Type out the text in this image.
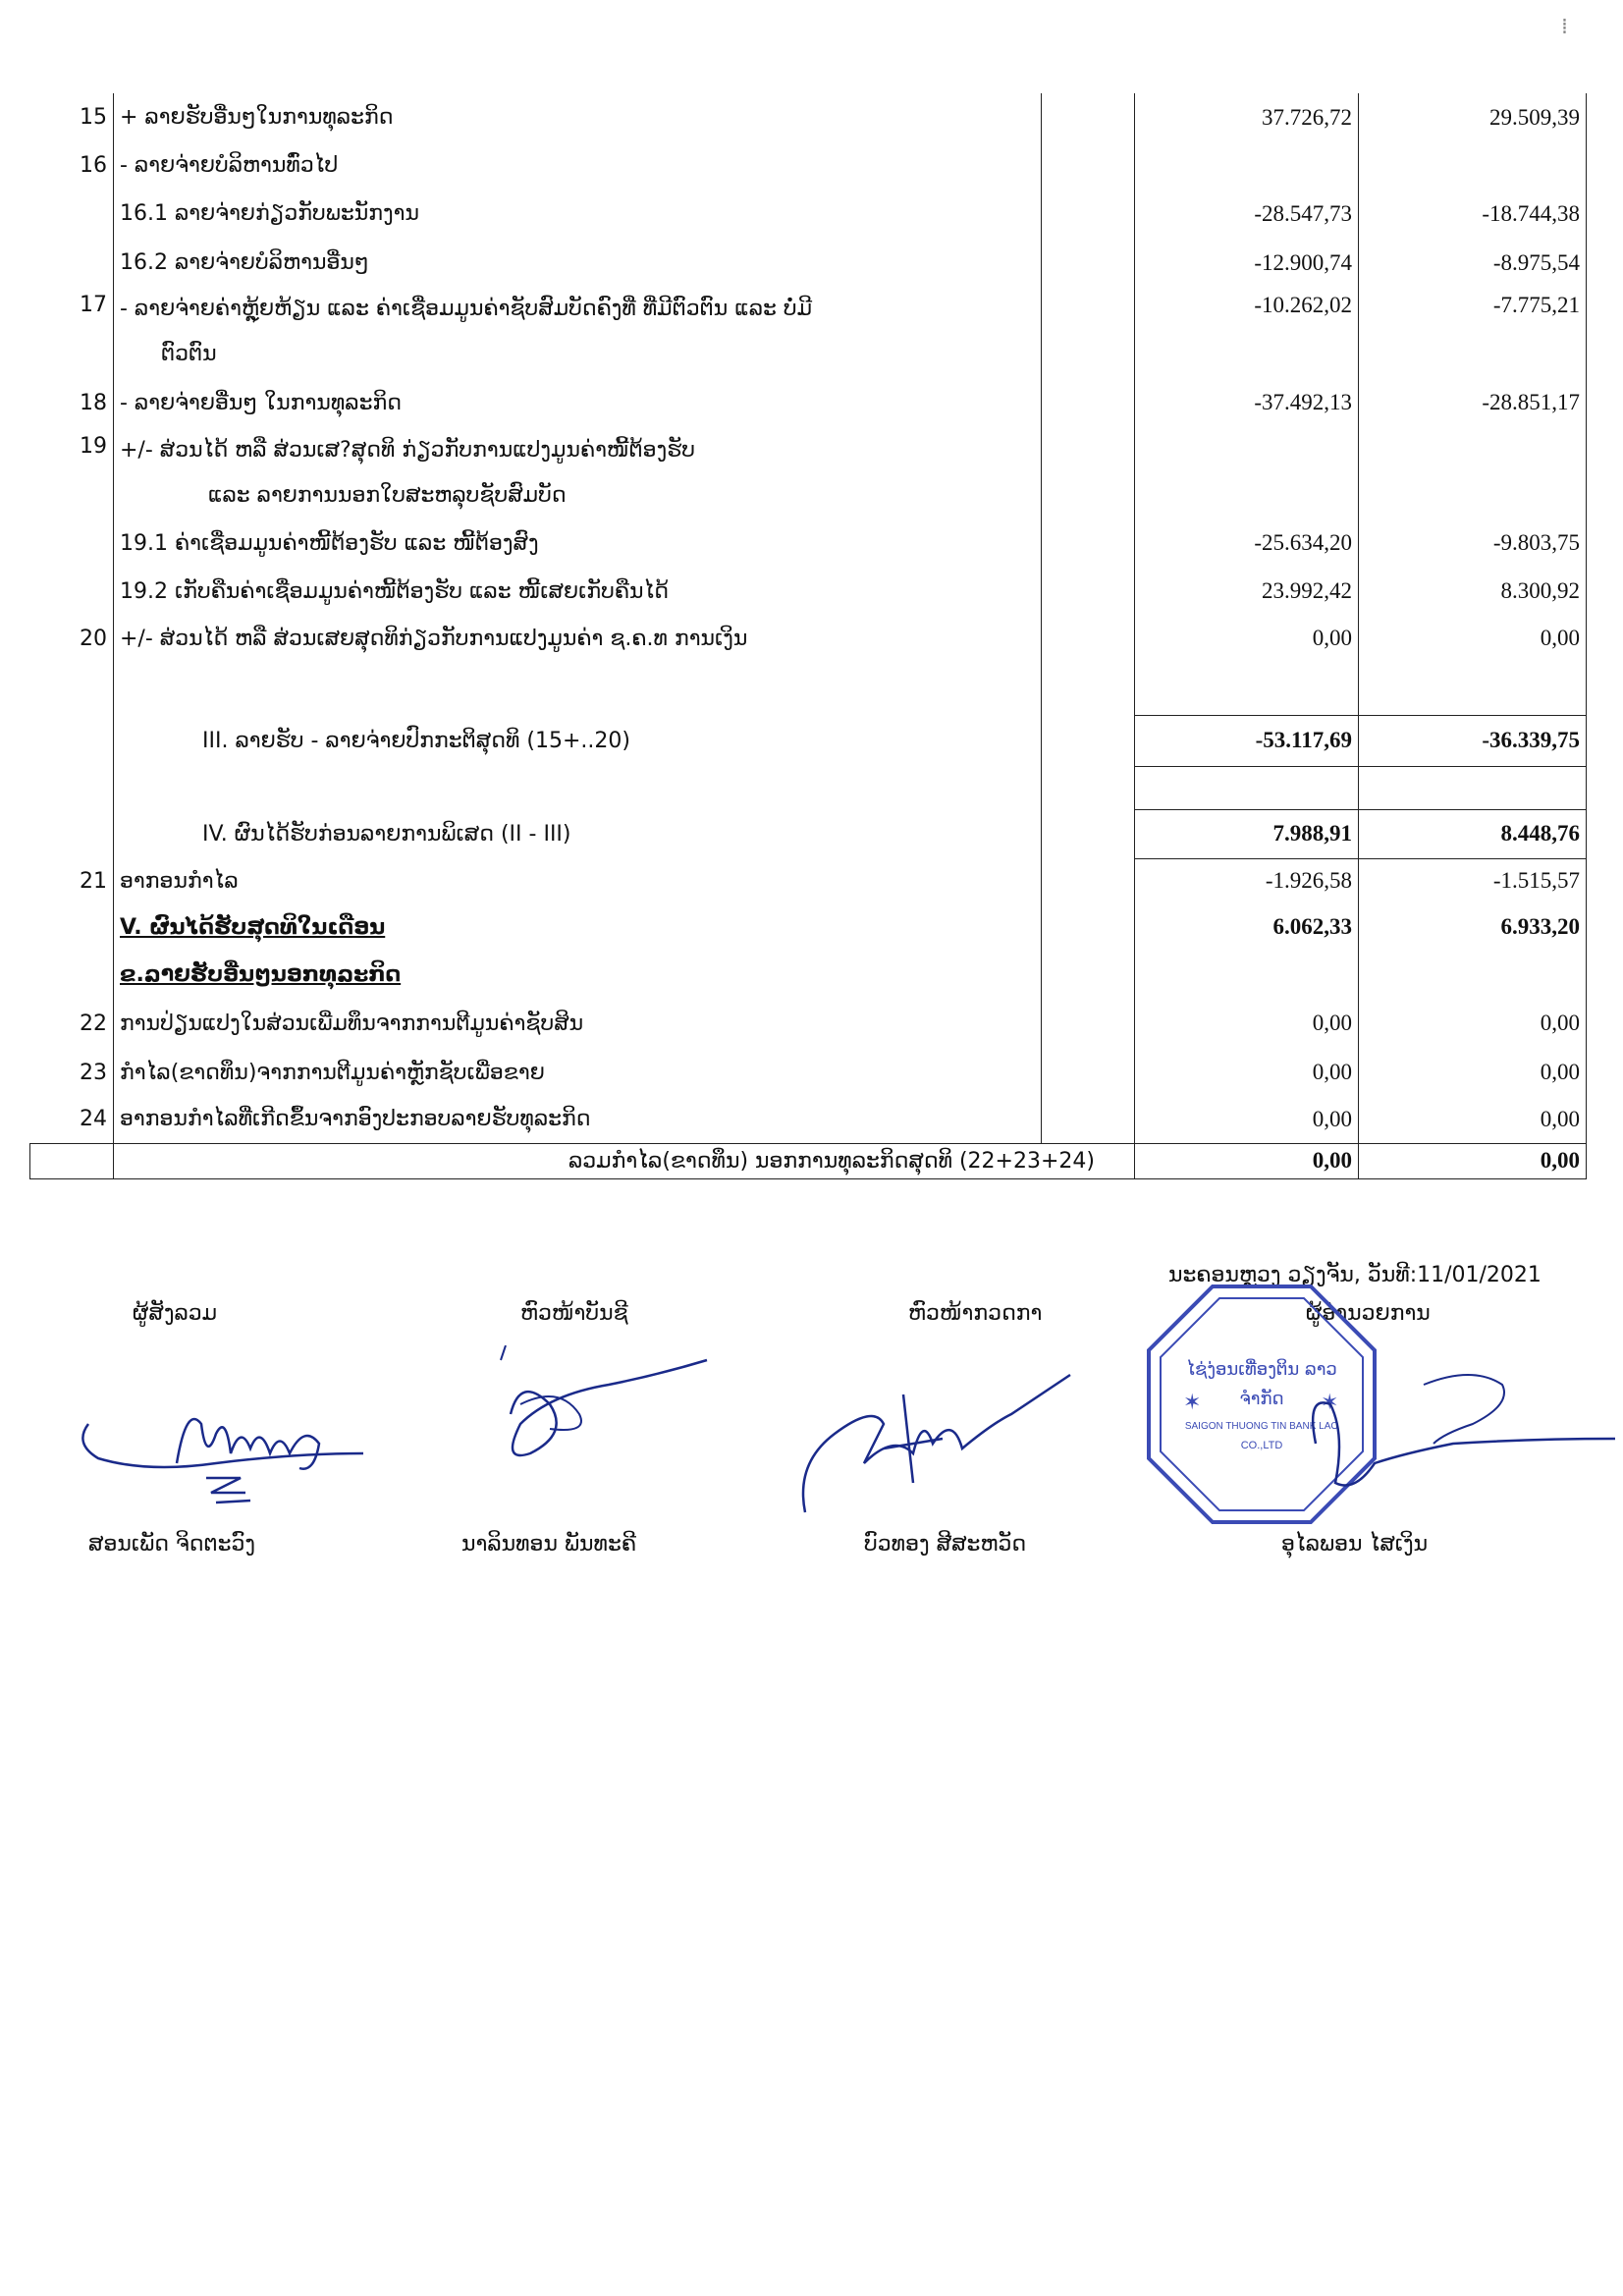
⁞
15	+ ລາຍຮັບອື່ນໆໃນການທຸລະກິດ		37.726,72	29.509,39
16	- ລາຍຈ່າຍບໍລິຫານທົ່ວໄປ			
	16.1 ລາຍຈ່າຍກ່ຽວກັບພະນັກງານ		-28.547,73	-18.744,38
	16.2 ລາຍຈ່າຍບໍລິຫານອື່ນໆ		-12.900,74	-8.975,54
17	- ລາຍຈ່າຍຄ່າຫຼຸ້ຍຫ້ຽນ ແລະ ຄ່າເຊື່ອມມູນຄ່າຊັບສົມບັດຄົງທີ່ ທີ່ມີຕົວຕົນ ແລະ ບໍ່ມີ
ຕົວຕົນ		-10.262,02	-7.775,21
18	- ລາຍຈ່າຍອື່ນໆ ໃນການທຸລະກິດ		-37.492,13	-28.851,17
19	+/- ສ່ວນໄດ້ ຫລື ສ່ວນເສ?ສຸດທິ ກ່ຽວກັບການແປງມູນຄ່າໜີ້ຕ້ອງຮັບ
ແລະ ລາຍການນອກໃບສະຫລຸບຊັບສົມບັດ			

	19.1 ຄ່າເຊື່ອມມູນຄ່າໜີ້ຕ້ອງຮັບ ແລະ ໜີ້ຕ້ອງສົງ		-25.634,20	-9.803,75
	19.2 ເກັບຄືນຄ່າເຊື່ອມມູນຄ່າໜີ້ຕ້ອງຮັບ ແລະ ໜີ້ເສຍເກັບຄືນໄດ້		23.992,42	8.300,92
20	+/- ສ່ວນໄດ້ ຫລື ສ່ວນເສຍສຸດທິກ່ຽວກັບການແປງມູນຄ່າ ຊ.ຄ.ທ ການເງິນ		0,00	0,00

	III. ລາຍຮັບ - ລາຍຈ່າຍປົກກະຕິສຸດທິ (15+..20)		-53.117,69	-36.339,75

	IV. ຜົນໄດ້ຮັບກ່ອນລາຍການພິເສດ (II - III)		7.988,91	8.448,76
21	ອາກອນກຳໄລ		-1.926,58	-1.515,57
	V. ຜົນໄດ້ຮັບສຸດທິໃນເດືອນ		6.062,33	6.933,20
	ຂ.ລາຍຮັບອື່ນໆນອກທຸລະກິດ			
22	ການປ່ຽນແປງໃນສ່ວນເພີ່ມທຶນຈາກການຕີມູນຄ່າຊັບສິນ		0,00	0,00
23	ກຳໄລ(ຂາດທຶນ)ຈາກການຕີມູນຄ່າຫຼັກຊັບເພື່ອຂາຍ		0,00	0,00
24	ອາກອນກຳໄລທີ່ເກີດຂຶ້ນຈາກອົງປະກອບລາຍຮັບທຸລະກິດ		0,00	0,00
	ລວມກຳໄລ(ຂາດທຶນ) ນອກການທຸລະກິດສຸດທິ (22+23+24)		0,00	0,00
ນະຄອນຫຼວງ ວຽງຈັນ, ວັນທີ:11/01/2021
ຜູ້ສັງລວມ	ຫົວໜ້າບັນຊີ	ຫົວໜ້າກວດກາ	ຜູ້ອຳນວຍການ
ໄຊ່ງ່ອນເທື່ອງຕິນ ລາວ
ຈຳກັດ
SAIGON THUONG TIN BANK LAO
CO.,LTD
✶	✶
ສອນເພັດ ຈິດຕະວົງ	ນາລິນທອນ ພັນທະຄີ	ບົວທອງ ສີສະຫວັດ	ອຸໄລພອນ ໄສເງິນ
